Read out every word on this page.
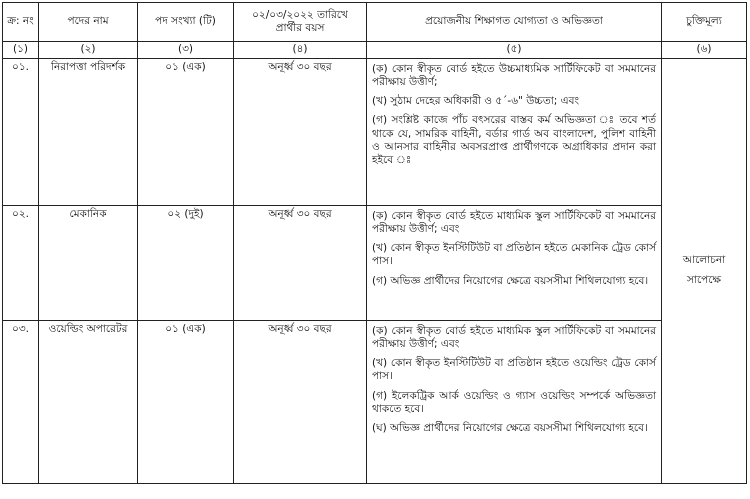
ক্র: নং	পদের নাম	পদ সংখ্যা (টি)	০২/০৩/২০২২ তারিখে প্রার্থীর বয়স	প্রয়োজনীয় শিক্ষাগত যোগ্যতা ও অভিজ্ঞতা	চুক্তিমূল্য
(১)	(২)	(৩)	(৪)	(৫)	(৬)
০১.	নিরাপত্তা পরিদর্শক	০১ (এক)	অনূর্ধ্ব ৩০ বছর	(ক) কোন স্বীকৃত বোর্ড হইতে উচ্চমাধ্যমিক সার্টিফিকেট বা সমমানের পরীক্ষায় উত্তীর্ণ;

(খ) সুঠাম দেহের অধিকারী ও ৫´-৬" উচ্চতা; এবং

(গ) সংশ্লিষ্ট কাজে পাঁচ বৎসরের বাস্তব কর্ম অভিজ্ঞতা ঃ তবে শর্ত থাকে যে, সামরিক বাহিনী, বর্ডার গার্ড অব বাংলাদেশ, পুলিশ বাহিনী ও আনসার বাহিনীর অবসরপ্রাপ্ত প্রার্থীগণকে অগ্রাধিকার প্রদান করা হইবে ঃ	আলোচনা সাপেক্ষে
০২.	মেকানিক	০২ (দুই)	অনূর্ধ্ব ৩০ বছর	(ক) কোন স্বীকৃত বোর্ড হইতে মাধ্যমিক স্কুল সার্টিফিকেট বা সমমানের পরীক্ষায় উত্তীর্ণ; এবং

(খ) কোন স্বীকৃত ইনস্টিটিউট বা প্রতিষ্ঠান হইতে মেকানিক ট্রেড কোর্স পাস।

(গ) অভিজ্ঞ প্রার্থীদের নিয়োগের ক্ষেত্রে বয়সসীমা শিথিলযোগ্য হবে।	

০৩.	ওয়েল্ডিং অপারেটর	০১ (এক)	অনূর্ধ্ব ৩০ বছর	(ক) কোন স্বীকৃত বোর্ড হইতে মাধ্যমিক স্কুল সার্টিফিকেট বা সমমানের পরীক্ষায় উত্তীর্ণ; এবং

(খ) কোন স্বীকৃত ইনস্টিটিউট বা প্রতিষ্ঠান হইতে ওয়েল্ডিং ট্রেড কোর্স পাস।

(গ) ইলেকট্রিক আর্ক ওয়েল্ডিং ও গ্যাস ওয়েল্ডিং সম্পর্কে অভিজ্ঞতা থাকতে হবে।

(ঘ) অভিজ্ঞ প্রার্থীদের নিয়োগের ক্ষেত্রে বয়সসীমা শিথিলযোগ্য হবে।	
